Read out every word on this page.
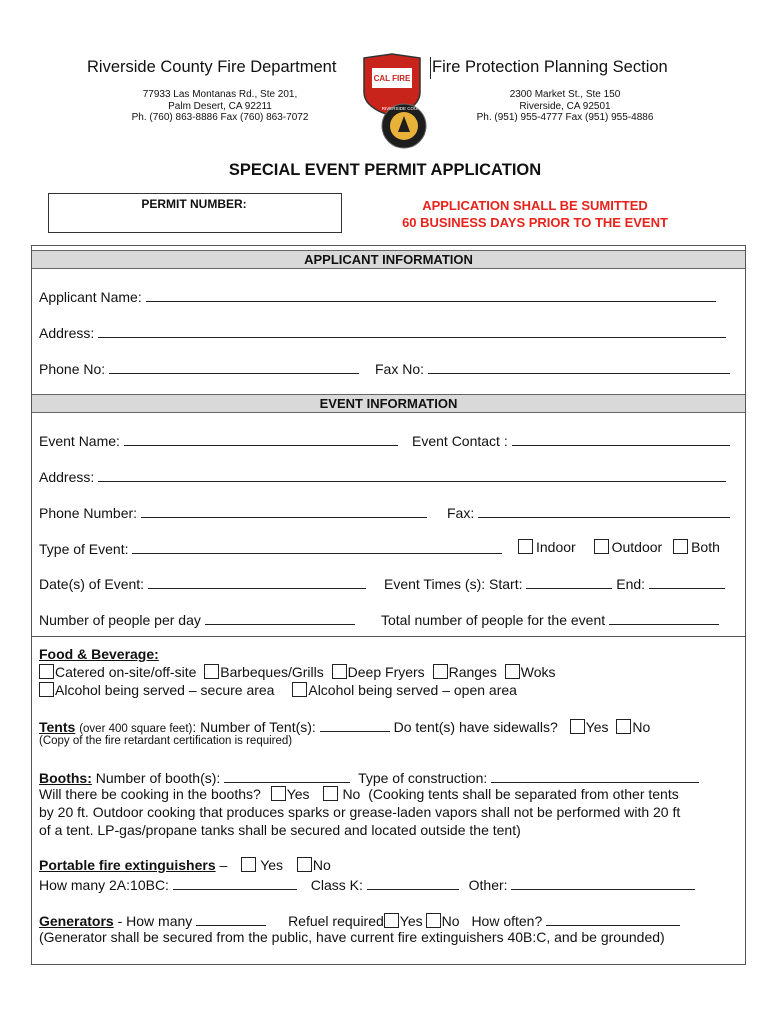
Riverside County Fire Department	Fire Protection Planning Section
77933 Las Montanas Rd., Ste 201,
Palm Desert, CA 92211
Ph. (760) 863-8886 Fax (760) 863-7072
2300 Market St., Ste 150
Riverside, CA 92501
Ph. (951) 955-4777 Fax (951) 955-4886
CAL FIRE
RIVERSIDE COUNTY
SPECIAL EVENT PERMIT APPLICATION
PERMIT NUMBER:	APPLICATION SHALL BE SUMITTED
60 BUSINESS DAYS PRIOR TO THE EVENT
APPLICANT INFORMATION
Applicant Name:
Address:
Phone No:	Fax No:
EVENT INFORMATION
Event Name:	Event Contact :
Address:
Phone Number:	Fax:
Type of Event:	Indoor	Outdoor Both
Date(s) of Event:	Event Times (s): Start:	End:
Number of people per day	Total number of people for the event
Food & Beverage:
Catered on-site/off-site Barbeques/Grills Deep Fryers Ranges Woks
Alcohol being served – secure area Alcohol being served – open area
Tents (over 400 square feet): Number of Tent(s):	Do tent(s) have sidewalls? Yes No
(Copy of the fire retardant certification is required)
Booths: Number of booth(s):	Type of construction:
Will there be cooking in the booths? Yes No (Cooking tents shall be separated from other tents
by 20 ft. Outdoor cooking that produces sparks or grease-laden vapors shall not be performed with 20 ft
of a tent. LP-gas/propane tanks shall be secured and located outside the tent)
Portable fire extinguishers – Yes No
How many 2A:10BC:	Class K:	Other:
Generators - How many	Refuel required Yes No How often?
(Generator shall be secured from the public, have current fire extinguishers 40B:C, and be grounded)
